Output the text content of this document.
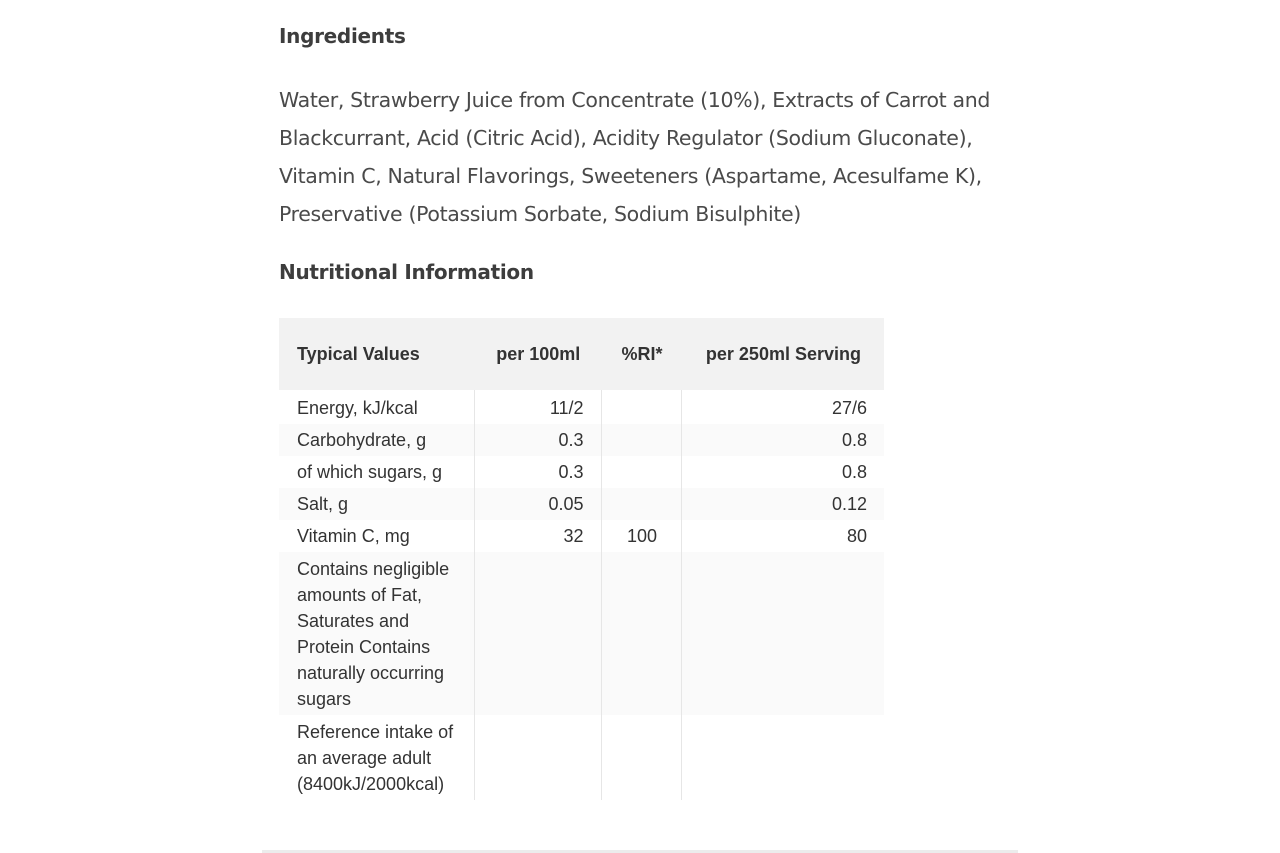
Ingredients

Water, Strawberry Juice from Concentrate (10%), Extracts of Carrot and Blackcurrant, Acid (Citric Acid), Acidity Regulator (Sodium Gluconate), Vitamin C, Natural Flavorings, Sweeteners (Aspartame, Acesulfame K), Preservative (Potassium Sorbate, Sodium Bisulphite)

Nutritional Information
Typical Values	per 100ml	%RI*	per 250ml Serving
Energy, kJ/kcal	11/2		27/6
Carbohydrate, g	0.3		0.8
of which sugars, g	0.3		0.8
Salt, g	0.05		0.12
Vitamin C, mg	32	100	80
Contains negligible amounts of Fat, Saturates and Protein Contains naturally occurring sugars			
Reference intake of an average adult (8400kJ/2000kcal)			
